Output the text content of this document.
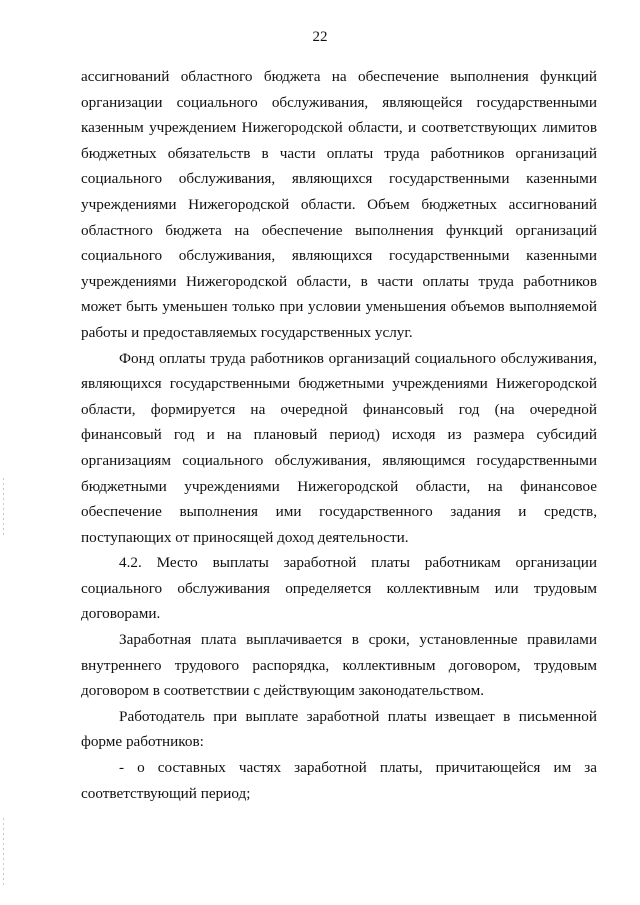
22

ассигнований областного бюджета на обеспечение выполнения функций организации социального обслуживания, являющейся государственными казенным учреждением Нижегородской области, и соответствующих лимитов бюджетных обязательств в части оплаты труда работников организаций социального обслуживания, являющихся государственными казенными учреждениями Нижегородской области. Объем бюджетных ассигнований областного бюджета на обеспечение выполнения функций организаций социального обслуживания, являющихся государственными казенными учреждениями Нижегородской области, в части оплаты труда работников может быть уменьшен только при условии уменьшения объемов выполняемой работы и предоставляемых государственных услуг.

Фонд оплаты труда работников организаций социального обслуживания, являющихся государственными бюджетными учреждениями Нижегородской области, формируется на очередной финансовый год (на очередной финансовый год и на плановый период) исходя из размера субсидий организациям социального обслуживания, являющимся государственными бюджетными учреждениями Нижегородской области, на финансовое обеспечение выполнения ими государственного задания и средств, поступающих от приносящей доход деятельности.

4.2. Место выплаты заработной платы работникам организации социального обслуживания определяется коллективным или трудовым договорами.

Заработная плата выплачивается в сроки, установленные правилами внутреннего трудового распорядка, коллективным договором, трудовым договором в соответствии с действующим законодательством.

Работодатель при выплате заработной платы извещает в письменной форме работников:

- о составных частях заработной платы, причитающейся им за соответствующий период;
